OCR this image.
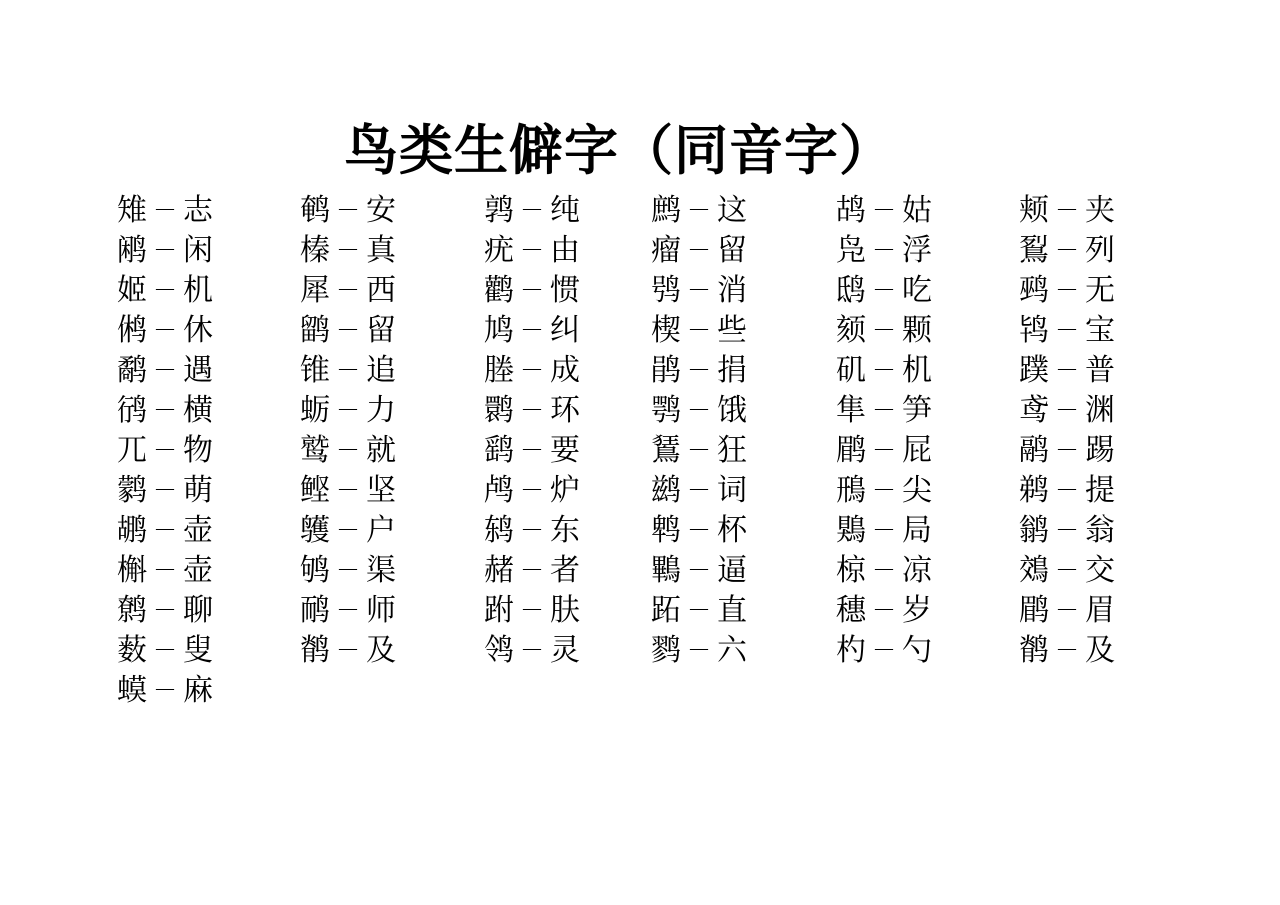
鸟类生僻字（同音字）
雉 － 志
鹇 － 闲
姬 － 机
鸺 － 休
鹬 － 遇
鸻 － 横
兀 － 物
鹲 － 萌
鹕 － 壶
槲 － 壶
鹩 － 聊
薮 － 叟
蟆 － 麻
鹌 － 安
榛 － 真
犀 － 西
鹠 － 留
锥 － 追
蛎 － 力
鹫 － 就
鲣 － 坚
鹱 － 户
鸲 － 渠
鸸 － 师
鹡 － 及
鹑 － 纯
疣 － 由
鹳 － 惯
鸠 － 纠
塍 － 成
鹮 － 环
鹞 － 要
鸬 － 炉
鸫 － 东
赭 － 者
跗 － 肤
鸰 － 灵
鹧 － 这
瘤 － 留
鸮 － 消
楔 － 些
鹃 － 捐
鹗 － 饿
鵟 － 狂
鹚 － 词
鹎 － 杯
鷝 － 逼
跖 － 直
鹨 － 六
鸪 － 姑
凫 － 浮
鸱 － 吃
颏 － 颗
矶 － 机
隼 － 笋
鹛 － 屁
鳽 － 尖
鶪 － 局
椋 － 凉
穗 － 岁
杓 － 勺
颊 － 夹
鴷 － 列
鹀 － 无
鸨 － 宝
蹼 － 普
鸢 － 渊
鹝 － 踢
鹈 － 提
鹟 － 翁
鵁 － 交
鹛 － 眉
鹡 － 及
